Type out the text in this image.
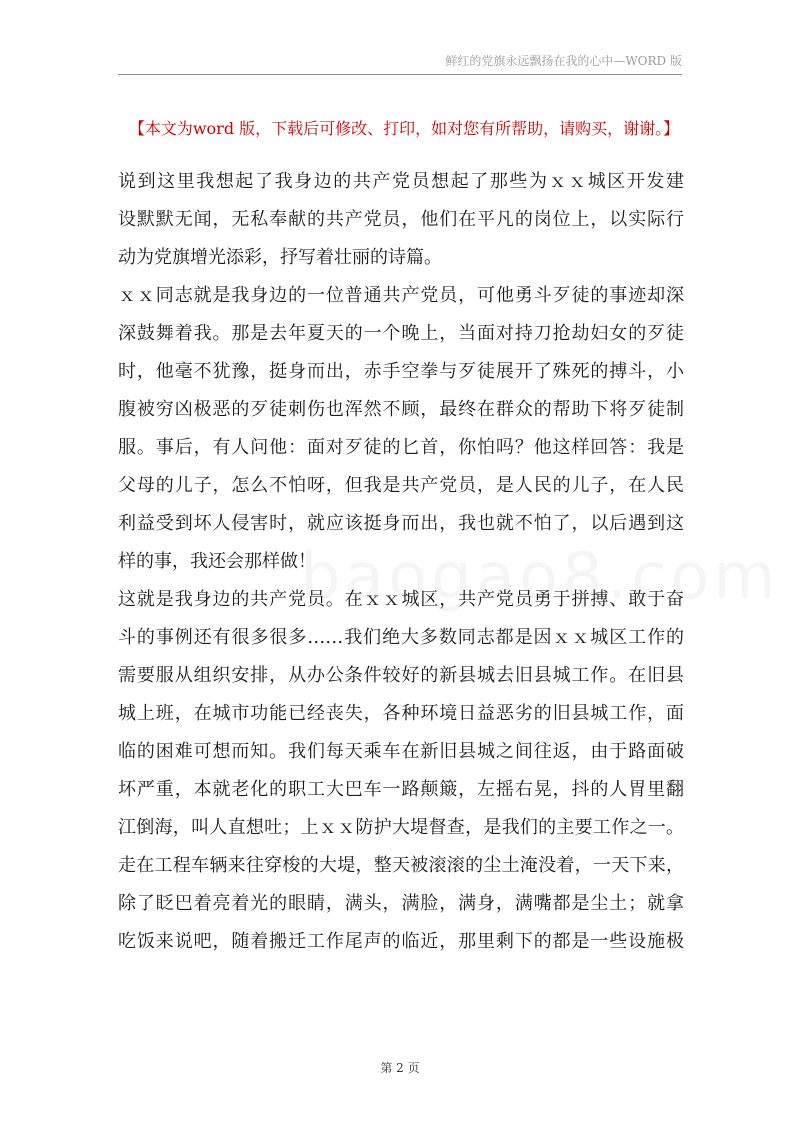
鲜红的党旗永远飘扬在我的心中—WORD 版
【本文为word 版，下载后可修改、打印，如对您有所帮助，请购买，谢谢。】
说到这里我想起了我身边的共产党员想起了那些为ｘｘ城区开发建
设默默无闻，无私奉献的共产党员，他们在平凡的岗位上，以实际行
动为党旗增光添彩，抒写着壮丽的诗篇。
ｘｘ同志就是我身边的一位普通共产党员，可他勇斗歹徒的事迹却深
深鼓舞着我。那是去年夏天的一个晚上，当面对持刀抢劫妇女的歹徒
时，他毫不犹豫，挺身而出，赤手空拳与歹徒展开了殊死的搏斗，小
腹被穷凶极恶的歹徒刺伤也浑然不顾，最终在群众的帮助下将歹徒制
服。事后，有人问他：面对歹徒的匕首，你怕吗？他这样回答：我是
父母的儿子，怎么不怕呀，但我是共产党员，是人民的儿子，在人民
利益受到坏人侵害时，就应该挺身而出，我也就不怕了，以后遇到这
样的事，我还会那样做！
这就是我身边的共产党员。在ｘｘ城区，共产党员勇于拼搏、敢于奋
斗的事例还有很多很多……我们绝大多数同志都是因ｘｘ城区工作的
需要服从组织安排，从办公条件较好的新县城去旧县城工作。在旧县
城上班，在城市功能已经丧失，各种环境日益恶劣的旧县城工作，面
临的困难可想而知。我们每天乘车在新旧县城之间往返，由于路面破
坏严重，本就老化的职工大巴车一路颠簸，左摇右晃，抖的人胃里翻
江倒海，叫人直想吐；上ｘｘ防护大堤督查，是我们的主要工作之一。
走在工程车辆来往穿梭的大堤，整天被滚滚的尘土淹没着，一天下来，
除了眨巴着亮着光的眼睛，满头，满脸，满身，满嘴都是尘土；就拿
吃饭来说吧，随着搬迁工作尾声的临近，那里剩下的都是一些设施极
第 2 页
